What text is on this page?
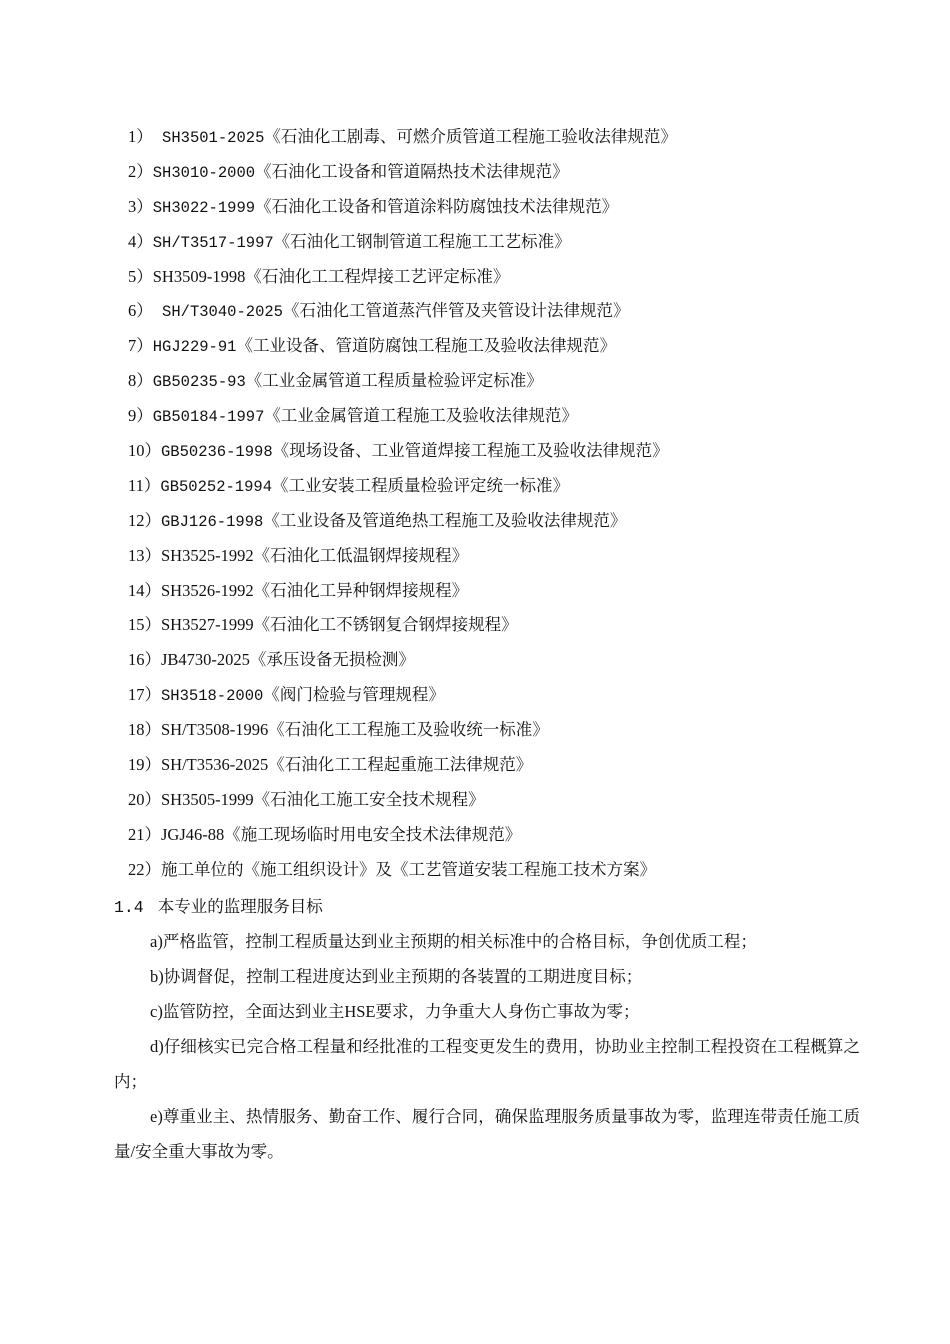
1） SH3501-2025《石油化工剧毒、可燃介质管道工程施工验收法律规范》
2）SH3010-2000《石油化工设备和管道隔热技术法律规范》
3）SH3022-1999《石油化工设备和管道涂料防腐蚀技术法律规范》
4）SH/T3517-1997《石油化工钢制管道工程施工工艺标准》
5）SH3509-1998《石油化工工程焊接工艺评定标准》
6） SH/T3040-2025《石油化工管道蒸汽伴管及夹管设计法律规范》
7）HGJ229-91《工业设备、管道防腐蚀工程施工及验收法律规范》
8）GB50235-93《工业金属管道工程质量检验评定标准》
9）GB50184-1997《工业金属管道工程施工及验收法律规范》
10）GB50236-1998《现场设备、工业管道焊接工程施工及验收法律规范》
11）GB50252-1994《工业安装工程质量检验评定统一标准》
12）GBJ126-1998《工业设备及管道绝热工程施工及验收法律规范》
13）SH3525-1992《石油化工低温钢焊接规程》
14）SH3526-1992《石油化工异种钢焊接规程》
15）SH3527-1999《石油化工不锈钢复合钢焊接规程》
16）JB4730-2025《承压设备无损检测》
17）SH3518-2000《阀门检验与管理规程》
18）SH/T3508-1996《石油化工工程施工及验收统一标准》
19）SH/T3536-2025《石油化工工程起重施工法律规范》
20）SH3505-1999《石油化工施工安全技术规程》
21）JGJ46-88《施工现场临时用电安全技术法律规范》
22）施工单位的《施工组织设计》及《工艺管道安装工程施工技术方案》
1.4 本专业的监理服务目标

a)严格监管，控制工程质量达到业主预期的相关标准中的合格目标，争创优质工程；

b)协调督促，控制工程进度达到业主预期的各装置的工期进度目标；

c)监管防控，全面达到业主HSE要求，力争重大人身伤亡事故为零；

d)仔细核实已完合格工程量和经批准的工程变更发生的费用，协助业主控制工程投资在工程概算之内；

e)尊重业主、热情服务、勤奋工作、履行合同，确保监理服务质量事故为零，监理连带责任施工质量/安全重大事故为零。
